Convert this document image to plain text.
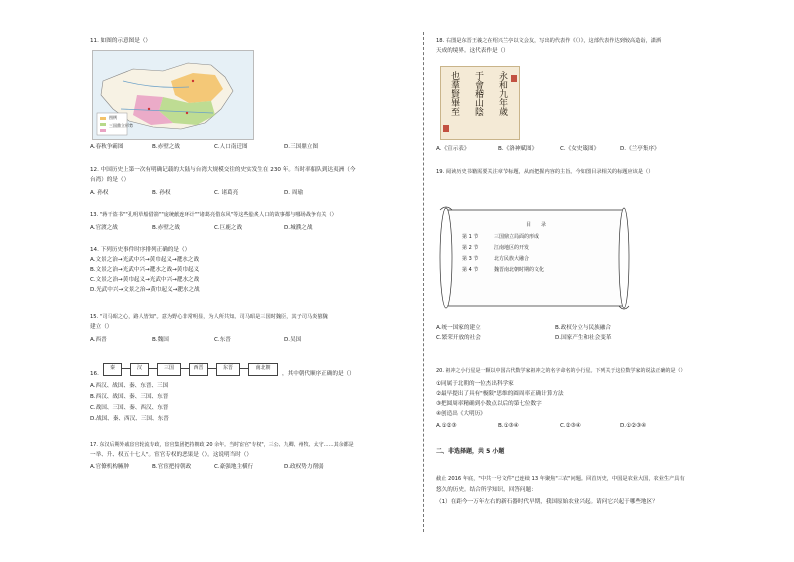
11. 如图的示意图是（）
图例
三国鼎立形势
A.春秋争霸图	B.赤壁之战	C.人口南迁图	D.三国鼎立图
12. 中国历史上第一次有明确记载的大陆与台湾大规模交往的史实发生在 230 年。当时率船队到达夷洲（今
台湾）的是（）
A. 孙权	B. 孙权	C. 诸葛亮	D. 周瑜
13. "蒋干盗书""孔明草船借箭""庞统献连环计""诸葛亮借东风"等这些脍炙人口的故事都与哪场战争有关（）
A.官渡之战	B.赤壁之战	C.巨鹿之战	D.城濮之战
14. 下列历史事件时序排列正确的是（）
A.文景之治→光武中兴→黄巾起义→淝水之战
B.文景之治→光武中兴→淝水之战→黄巾起义
C.文景之治→黄巾起义→光武中兴→淝水之战
D.光武中兴→文景之治→黄巾起义→淝水之战
15. "司马昭之心，路人皆知"。意为野心非常明显，为人所共知。司马昭是三国时魏臣，其子司马炎篡魏
建立（）
A.西晋	B.魏国	C.东晋	D.吴国
16.
秦	汉	三国	西晋	东晋	南北朝
，其中朝代顺序正确的是（）
A.西汉、战国、秦、东晋、三国
B.西汉、战国、秦、三国、东晋
C.战国、三国、秦、西汉、东晋
D.战国、秦、西汉、三国、东晋
17. 东汉后期外戚宦官轮流专政，宦官集团把持朝政 20 余年。当时宦官"专权"，三公、九卿、州牧、太守……其余都是
一举、升、权五十七人"。宦官专权的恶果是（）。这说明当时（）
A.官僚机构臃肿	B.官宦把持朝政	C.豪强地主横行	D.政权势力削弱
18. 右图是东晋王羲之在绍兴兰亭以文会友，写出的代表作《（）》，这部代表作达到较高造诣，潇洒
天成的境界。这代表作是（）
永和九年歲
于會稽山陰
也羣賢畢至
A.《宣示表》	B.《洛神赋图》	C.《女史箴图》	D.《兰亭集序》
19. 阅读历史书籍需要关注章节标题，从而把握内容的主旨。今如图目录相关的标题应该是（）
目　　录
第 1 节	三国鼎立局面的形成
第 2 节	江南地区的开发
第 3 节	北方民族大融合
第 4 节	魏晋南北朝时期的文化
A.统一国家的建立	B.政权分立与民族融合
C.繁荣开放的社会	D.国家产生和社会变革
20. 祖冲之小行星是一颗以中国古代数学家祖冲之的名字命名的小行星。下列关于这位数学家的说法正确的是（）
①同属于北朝的一位杰出科学家
②最早提出了具有"极限"思维的圆周率正确计算方法
③把圆周率精确到小数点以后的第七位数字
④创造出《大明历》
A.①②③	B.①③④	C.②③④	D.①②③④
二、非选择题，共 5 小题
截止 2016 年底，"中共一号文件"已连续 13 年聚焦"三农"问题。回首历史，中国是农业大国，农业生产具有
悠久的历史。结合所学知识，回答问题：
（1）在距今一万年左右的新石器时代早期，我国原始农业兴起。请问它兴起于哪些地区？
